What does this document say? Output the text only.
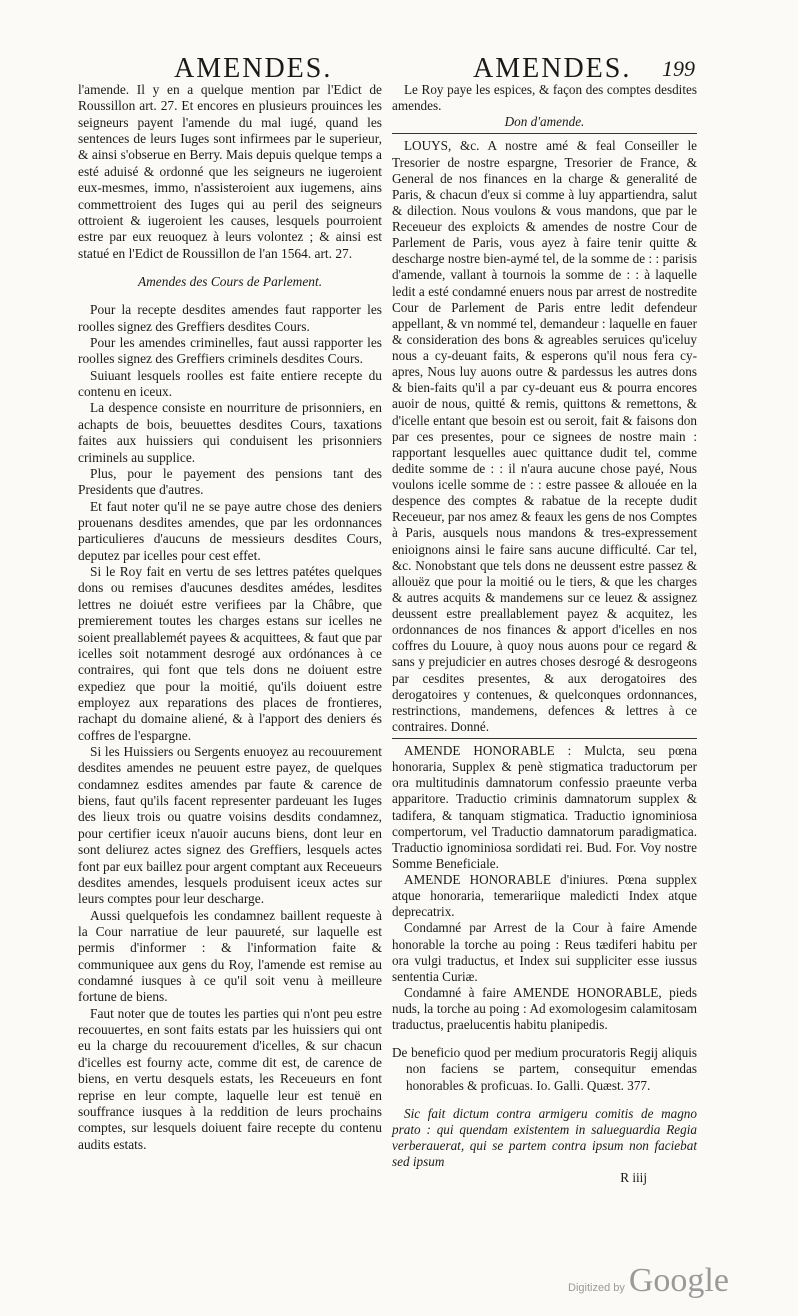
AMENDES.	AMENDES. 199

l'amende. Il y en a quelque mention par l'Edict de Roussillon art. 27. Et encores en plusieurs prouinces les seigneurs payent l'amende du mal iugé, quand les sentences de leurs Iuges sont infirmees par le superieur, & ainsi s'obserue en Berry. Mais depuis quelque temps a esté aduisé & ordonné que les seigneurs ne iugeroient eux-mesmes, immo, n'assisteroient aux iugemens, ains commettroient des Iuges qui au peril des seigneurs ottroient & iugeroient les causes, lesquels pourroient estre par eux reuoquez à leurs volontez ; & ainsi est statué en l'Edict de Roussillon de l'an 1564. art. 27.

Amendes des Cours de Parlement.

Pour la recepte desdites amendes faut rapporter les roolles signez des Greffiers desdites Cours.

Pour les amendes criminelles, faut aussi rapporter les roolles signez des Greffiers criminels desdites Cours.

Suiuant lesquels roolles est faite entiere recepte du contenu en iceux.

La despence consiste en nourriture de prisonniers, en achapts de bois, beuuettes desdites Cours, taxations faites aux huissiers qui conduisent les prisonniers criminels au supplice.

Plus, pour le payement des pensions tant des Presidents que d'autres.

Et faut noter qu'il ne se paye autre chose des deniers prouenans desdites amendes, que par les ordonnances particulieres d'aucuns de messieurs desdites Cours, deputez par icelles pour cest effet.

Si le Roy fait en vertu de ses lettres patétes quelques dons ou remises d'aucunes desdites amédes, lesdites lettres ne doiuét estre verifiees par la Châbre, que premierement toutes les charges estans sur icelles ne soient preallablemét payees & acquittees, & faut que par icelles soit notamment desrogé aux ordónances à ce contraires, qui font que tels dons ne doiuent estre expediez que pour la moitié, qu'ils doiuent estre employez aux reparations des places de frontieres, rachapt du domaine aliené, & à l'apport des deniers és coffres de l'espargne.

Si les Huissiers ou Sergents enuoyez au recouurement desdites amendes ne peuuent estre payez, de quelques condamnez esdites amendes par faute & carence de biens, faut qu'ils facent representer pardeuant les Iuges des lieux trois ou quatre voisins desdits condamnez, pour certifier iceux n'auoir aucuns biens, dont leur en sont deliurez actes signez des Greffiers, lesquels actes font par eux baillez pour argent comptant aux Receueurs desdites amendes, lesquels produisent iceux actes sur leurs comptes pour leur descharge.

Aussi quelquefois les condamnez baillent requeste à la Cour narratiue de leur pauureté, sur laquelle est permis d'informer : & l'information faite & communiquee aux gens du Roy, l'amende est remise au condamné iusques à ce qu'il soit venu à meilleure fortune de biens.

Faut noter que de toutes les parties qui n'ont peu estre recouuertes, en sont faits estats par les huissiers qui ont eu la charge du recouurement d'icelles, & sur chacun d'icelles est fourny acte, comme dit est, de carence de biens, en vertu desquels estats, les Receueurs en font reprise en leur compte, laquelle leur est tenuë en souffrance iusques à la reddition de leurs prochains comptes, sur lesquels doiuent faire recepte du contenu audits estats.

Le Roy paye les espices, & façon des comptes desdites amendes.

Don d'amende.

LOUYS, &c. A nostre amé & feal Conseiller le Tresorier de nostre espargne, Tresorier de France, & General de nos finances en la charge & generalité de Paris, & chacun d'eux si comme à luy appartiendra, salut & dilection. Nous voulons & vous mandons, que par le Receueur des exploicts & amendes de nostre Cour de Parlement de Paris, vous ayez à faire tenir quitte & descharge nostre bien-aymé tel, de la somme de : : parisis d'amende, vallant à tournois la somme de : : à laquelle ledit a esté condamné enuers nous par arrest de nostredite Cour de Parlement de Paris entre ledit defendeur appellant, & vn nommé tel, demandeur : laquelle en fauer & consideration des bons & agreables seruices qu'iceluy nous a cy-deuant faits, & esperons qu'il nous fera cy-apres, Nous luy auons outre & pardessus les autres dons & bien-faits qu'il a par cy-deuant eus & pourra encores auoir de nous, quitté & remis, quittons & remettons, & d'icelle entant que besoin est ou seroit, fait & faisons don par ces presentes, pour ce signees de nostre main : rapportant lesquelles auec quittance dudit tel, comme dedite somme de : : il n'aura aucune chose payé, Nous voulons icelle somme de : : estre passee & allouée en la despence des comptes & rabatue de la recepte dudit Receueur, par nos amez & feaux les gens de nos Comptes à Paris, ausquels nous mandons & tres-expressement enioignons ainsi le faire sans aucune difficulté. Car tel, &c. Nonobstant que tels dons ne deussent estre passez & allouëz que pour la moitié ou le tiers, & que les charges & autres acquits & mandemens sur ce leuez & assignez deussent estre preallablement payez & acquitez, les ordonnances de nos finances & apport d'icelles en nos coffres du Louure, à quoy nous auons pour ce regard & sans y prejudicier en autres choses desrogé & desrogeons par cesdites presentes, & aux derogatoires des derogatoires y contenues, & quelconques ordonnances, restrinctions, mandemens, defences & lettres à ce contraires. Donné.

AMENDE HONORABLE : Mulcta, seu pœna honoraria, Supplex & penè stigmatica traductorum per ora multitudinis damnatorum confessio praeunte verba apparitore. Traductio criminis damnatorum supplex & tadifera, & tanquam stigmatica. Traductio ignominiosa compertorum, vel Traductio damnatorum paradigmatica. Traductio ignominiosa sordidati rei. Bud. For. Voy nostre Somme Beneficiale.

AMENDE HONORABLE d'iniures. Pœna supplex atque honoraria, temerariique maledicti Index atque deprecatrix.

Condamné par Arrest de la Cour à faire Amende honorable la torche au poing : Reus tædiferi habitu per ora vulgi traductus, et Index sui suppliciter esse iussus sententia Curiæ.

Condamné à faire AMENDE HONORABLE, pieds nuds, la torche au poing : Ad exomologesim calamitosam traductus, praelucentis habitu planipedis.

De beneficio quod per medium procuratoris Regij aliquis non faciens se partem, consequitur emendas honorables & proficuas. Io. Galli. Quæst. 377.

Sic fait dictum contra armigeru comitis de magno prato : qui quendam existentem in salueguardia Regia verberauerat, qui se partem contra ipsum non faciebat sed ipsum

R iiij

Digitized by Google
